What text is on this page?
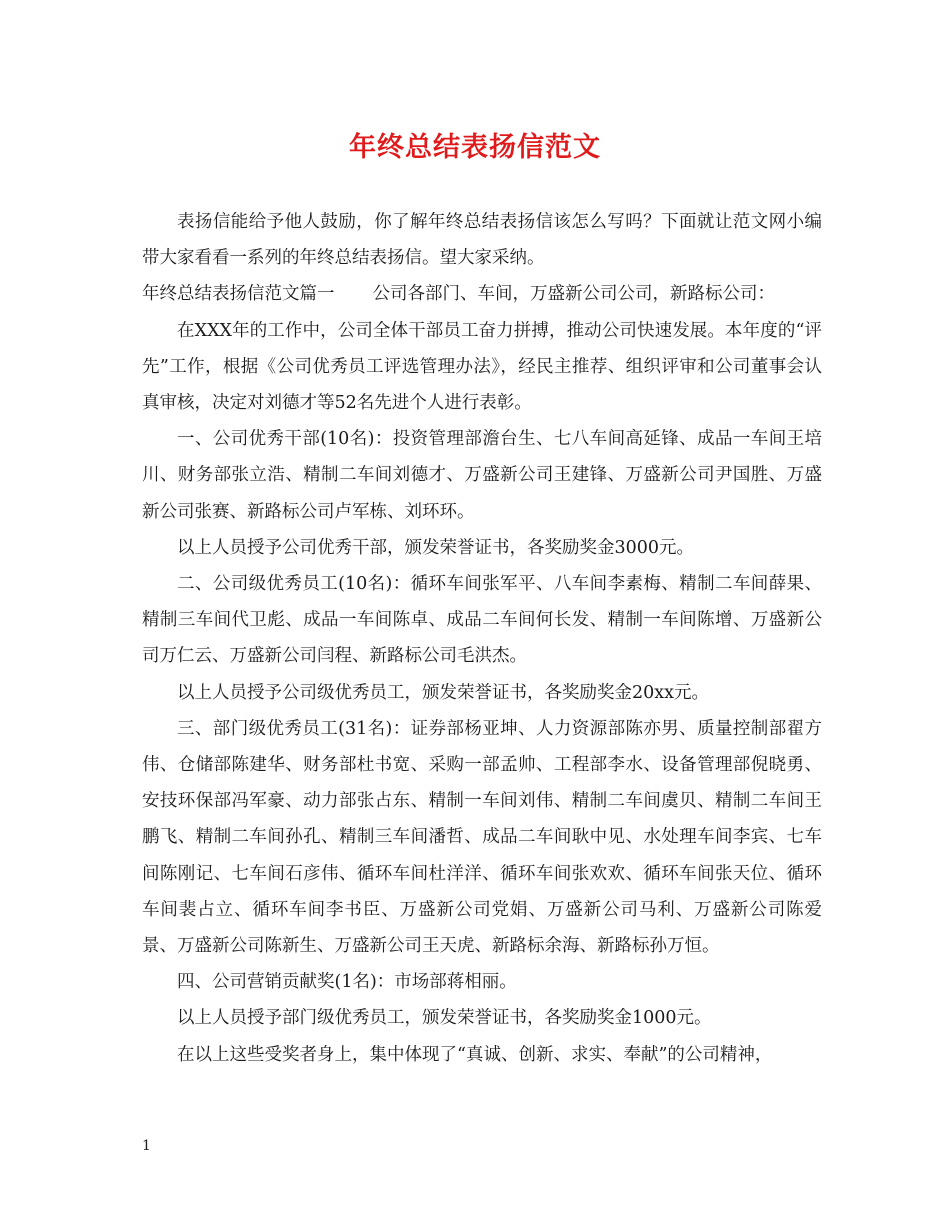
年终总结表扬信范文

表扬信能给予他人鼓励，你了解年终总结表扬信该怎么写吗？下面就让范文网小编带大家看看一系列的年终总结表扬信。望大家采纳。

年终总结表扬信范文篇一 公司各部门、车间，万盛新公司公司，新路标公司：

在XXX年的工作中，公司全体干部员工奋力拼搏，推动公司快速发展。本年度的“评先”工作，根据《公司优秀员工评选管理办法》，经民主推荐、组织评审和公司董事会认真审核，决定对刘德才等52名先进个人进行表彰。

一、公司优秀干部(10名)：投资管理部澹台生、七八车间高延锋、成品一车间王培川、财务部张立浩、精制二车间刘德才、万盛新公司王建锋、万盛新公司尹国胜、万盛新公司张赛、新路标公司卢军栋、刘环环。

以上人员授予公司优秀干部，颁发荣誉证书，各奖励奖金3000元。

二、公司级优秀员工(10名)：循环车间张军平、八车间李素梅、精制二车间薛果、精制三车间代卫彪、成品一车间陈卓、成品二车间何长发、精制一车间陈增、万盛新公司万仁云、万盛新公司闫程、新路标公司毛洪杰。

以上人员授予公司级优秀员工，颁发荣誉证书，各奖励奖金20xx元。

三、部门级优秀员工(31名)：证券部杨亚坤、人力资源部陈亦男、质量控制部翟方伟、仓储部陈建华、财务部杜书宽、采购一部孟帅、工程部李水、设备管理部倪晓勇、安技环保部冯军豪、动力部张占东、精制一车间刘伟、精制二车间虞贝、精制二车间王鹏飞、精制二车间孙孔、精制三车间潘哲、成品二车间耿中见、水处理车间李宾、七车间陈刚记、七车间石彦伟、循环车间杜洋洋、循环车间张欢欢、循环车间张天位、循环车间裴占立、循环车间李书臣、万盛新公司党娟、万盛新公司马利、万盛新公司陈爱景、万盛新公司陈新生、万盛新公司王天虎、新路标余海、新路标孙万恒。

四、公司营销贡献奖(1名)：市场部蒋相丽。

以上人员授予部门级优秀员工，颁发荣誉证书，各奖励奖金1000元。

在以上这些受奖者身上，集中体现了“真诚、创新、求实、奉献”的公司精神，

1
